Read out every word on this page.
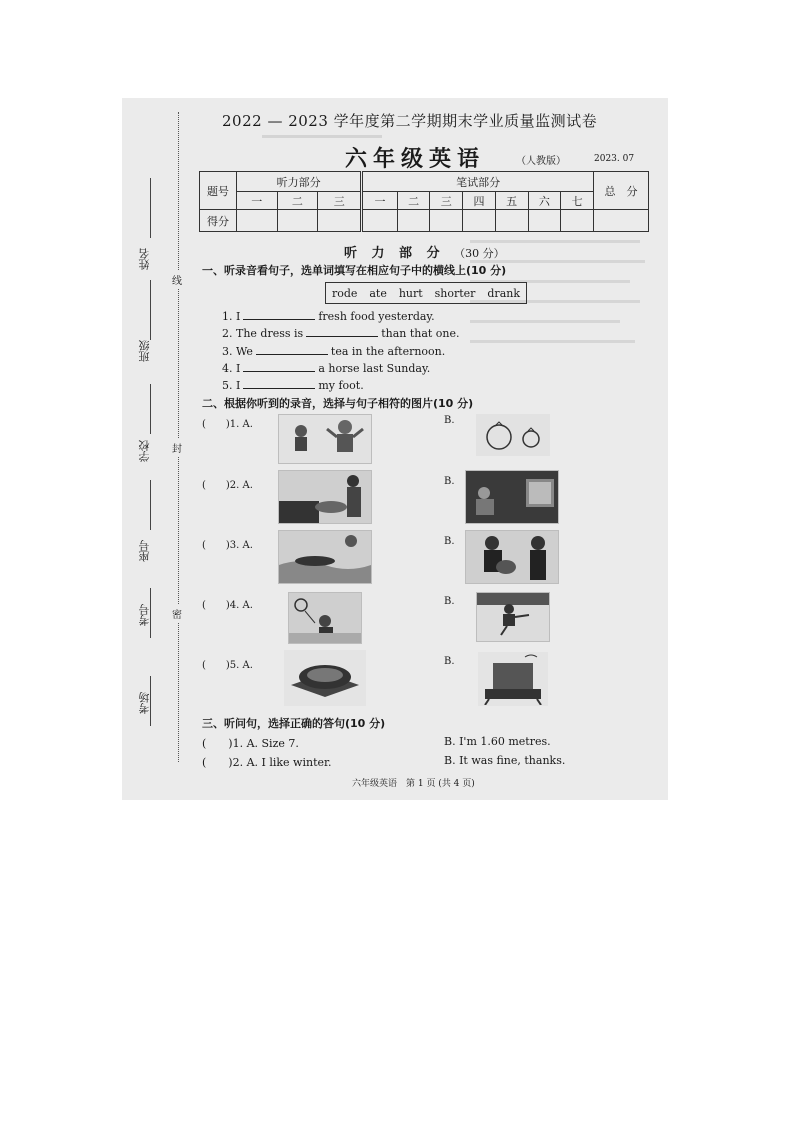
姓名
班级
学校
座号
考号
考场
线
封
密
2022 — 2023 学年度第二学期期末学业质量监测试卷
六年级英语	（人教版）	2023. 07
题号	听力部分			笔试部分							总　分
	一	二	三	一	二	三	四	五	六	七	
得分											
听 力 部 分 （30 分）
一、听录音看句子，选单词填写在相应句子中的横线上(10 分)
rode ate hurt shorter drank
1. I	fresh food yesterday.
2. The dress is	than that one.
3. We	tea in the afternoon.
4. I	a horse last Sunday.
5. I	my foot.
二、根据你听到的录音，选择与句子相符的图片(10 分)
(　　)1. A.	B.
(　　)2. A.	B.
(　　)3. A.	B.
(　　)4. A.	B.
(　　)5. A.	B.
三、听问句，选择正确的答句(10 分)
(　　)1. A. Size 7.	B. I'm 1.60 metres.
(　　)2. A. I like winter.	B. It was fine, thanks.
六年级英语　第 1 页 (共 4 页)
